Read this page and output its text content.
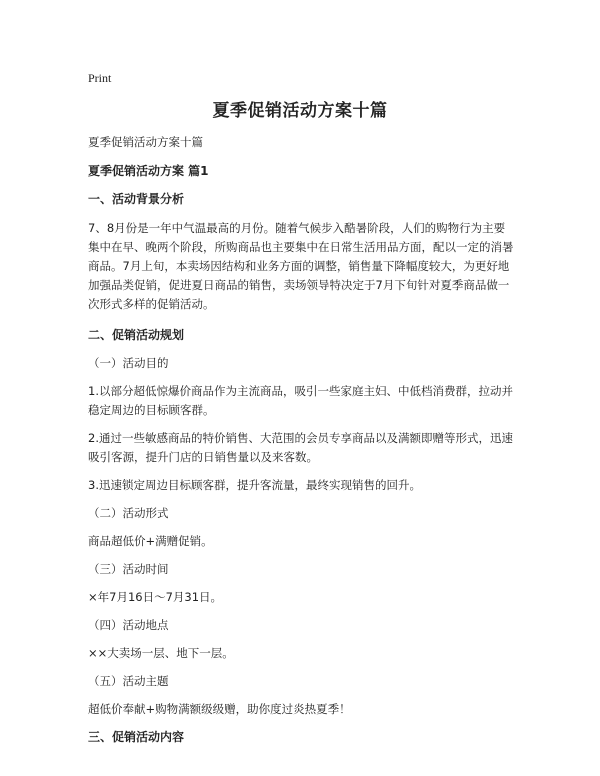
Print
夏季促销活动方案十篇

夏季促销活动方案十篇

夏季促销活动方案 篇1

一、活动背景分析

7、8月份是一年中气温最高的月份。随着气候步入酷暑阶段，人们的购物行为主要集中在早、晚两个阶段，所购商品也主要集中在日常生活用品方面，配以一定的消暑商品。7月上旬，本卖场因结构和业务方面的调整，销售量下降幅度较大，为更好地加强品类促销，促进夏日商品的销售，卖场领导特决定于7月下旬针对夏季商品做一次形式多样的促销活动。

二、促销活动规划

（一）活动目的

1.以部分超低惊爆价商品作为主流商品，吸引一些家庭主妇、中低档消费群，拉动并稳定周边的目标顾客群。

2.通过一些敏感商品的特价销售、大范围的会员专享商品以及满额即赠等形式，迅速吸引客源，提升门店的日销售量以及来客数。

3.迅速锁定周边目标顾客群，提升客流量，最终实现销售的回升。

（二）活动形式

商品超低价+满赠促销。

（三）活动时间

×年7月16日～7月31日。

（四）活动地点

××大卖场一层、地下一层。

（五）活动主题

超低价奉献+购物满额级级赠，助你度过炎热夏季！

三、促销活动内容
